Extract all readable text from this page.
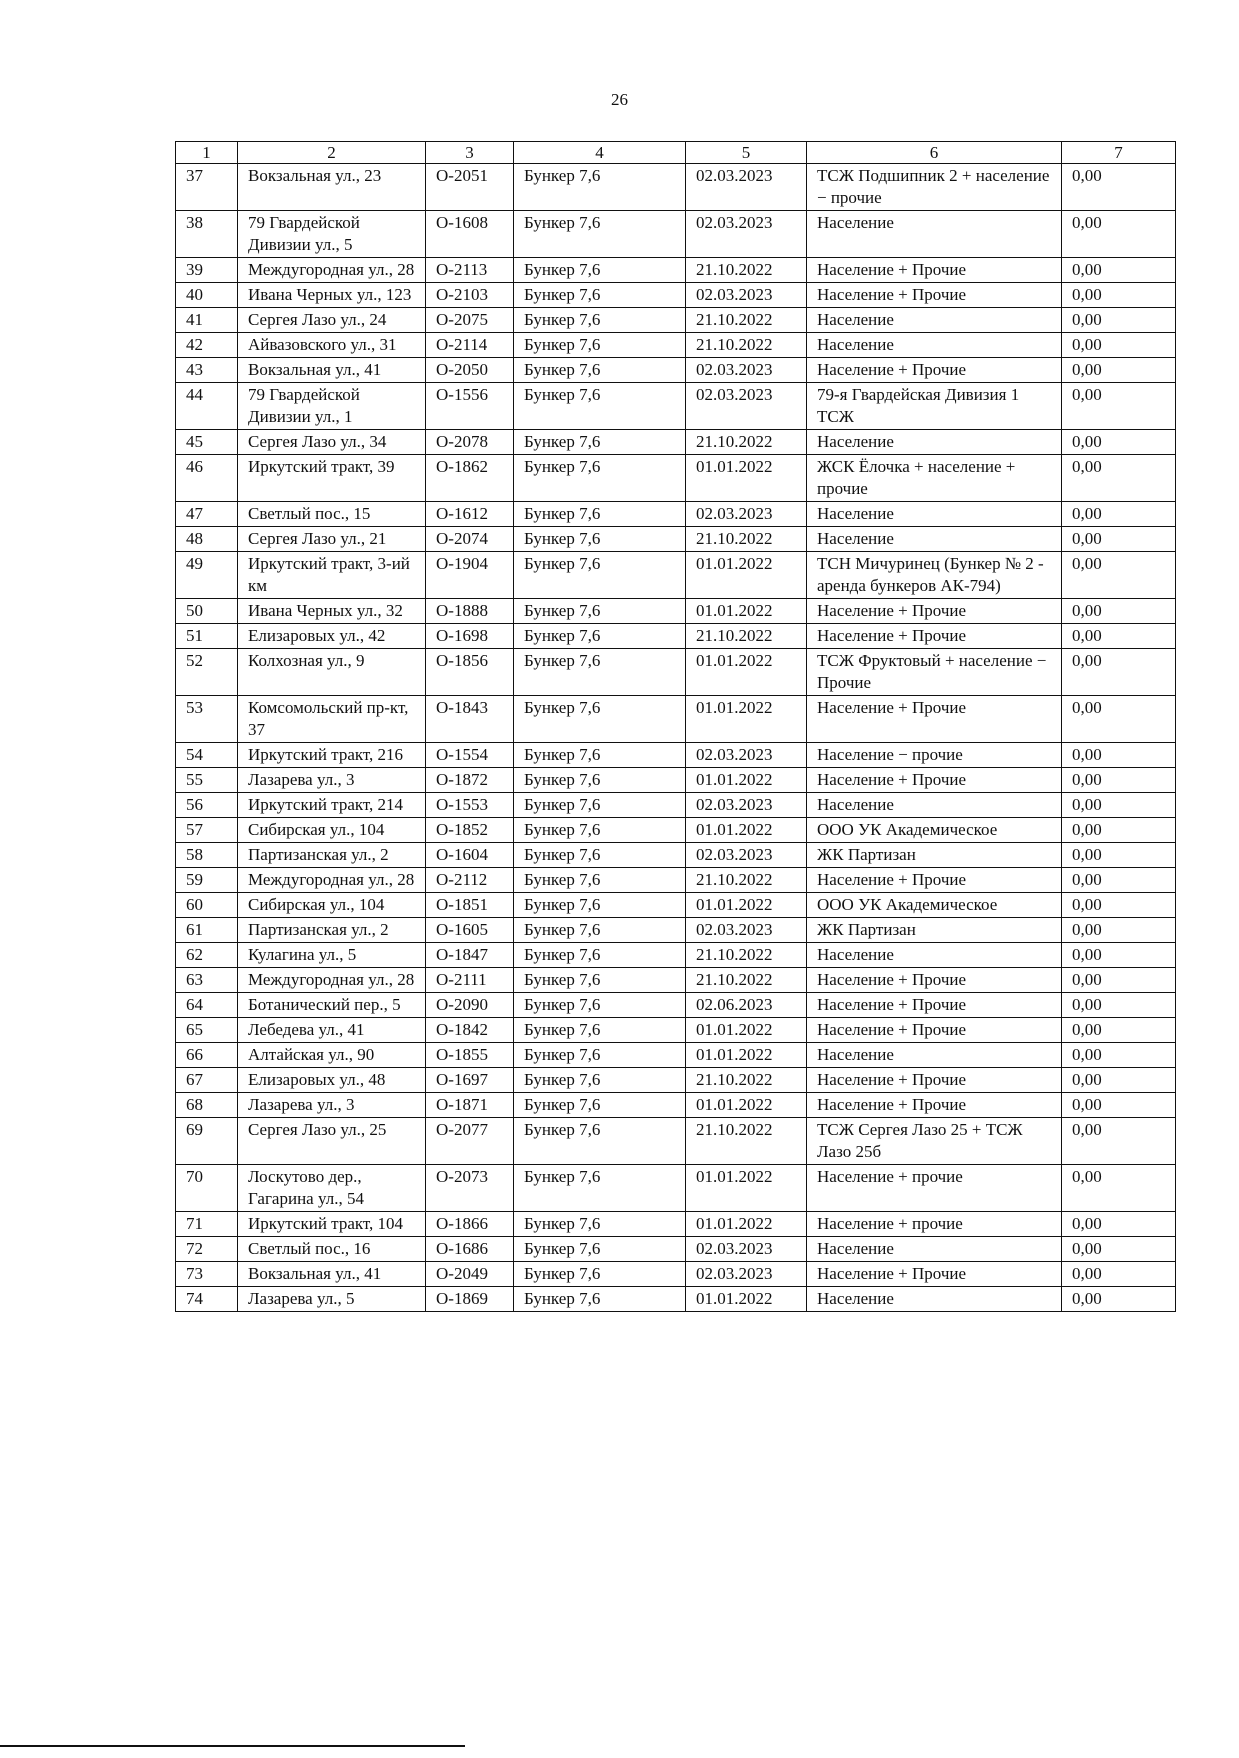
26
1	2	3	4	5	6	7
37	Вокзальная ул., 23	О-2051	Бункер 7,6	02.03.2023	ТСЖ Подшипник 2 + население − прочие	0,00
38	79 Гвардейской Дивизии ул., 5	О-1608	Бункер 7,6	02.03.2023	Население	0,00
39	Междугородная ул., 28	О-2113	Бункер 7,6	21.10.2022	Население + Прочие	0,00
40	Ивана Черных ул., 123	О-2103	Бункер 7,6	02.03.2023	Население + Прочие	0,00
41	Сергея Лазо ул., 24	О-2075	Бункер 7,6	21.10.2022	Население	0,00
42	Айвазовского ул., 31	О-2114	Бункер 7,6	21.10.2022	Население	0,00
43	Вокзальная ул., 41	О-2050	Бункер 7,6	02.03.2023	Население + Прочие	0,00
44	79 Гвардейской Дивизии ул., 1	О-1556	Бункер 7,6	02.03.2023	79-я Гвардейская Дивизия 1 ТСЖ	0,00
45	Сергея Лазо ул., 34	О-2078	Бункер 7,6	21.10.2022	Население	0,00
46	Иркутский тракт, 39	О-1862	Бункер 7,6	01.01.2022	ЖСК Ёлочка + население + прочие	0,00
47	Светлый пос., 15	О-1612	Бункер 7,6	02.03.2023	Население	0,00
48	Сергея Лазо ул., 21	О-2074	Бункер 7,6	21.10.2022	Население	0,00
49	Иркутский тракт, 3-ий км	О-1904	Бункер 7,6	01.01.2022	ТСН Мичуринец (Бункер № 2 - аренда бункеров АК-794)	0,00
50	Ивана Черных ул., 32	О-1888	Бункер 7,6	01.01.2022	Население + Прочие	0,00
51	Елизаровых ул., 42	О-1698	Бункер 7,6	21.10.2022	Население + Прочие	0,00
52	Колхозная ул., 9	О-1856	Бункер 7,6	01.01.2022	ТСЖ Фруктовый + население − Прочие	0,00
53	Комсомольский пр-кт, 37	О-1843	Бункер 7,6	01.01.2022	Население + Прочие	0,00
54	Иркутский тракт, 216	О-1554	Бункер 7,6	02.03.2023	Население − прочие	0,00
55	Лазарева ул., 3	О-1872	Бункер 7,6	01.01.2022	Население + Прочие	0,00
56	Иркутский тракт, 214	О-1553	Бункер 7,6	02.03.2023	Население	0,00
57	Сибирская ул., 104	О-1852	Бункер 7,6	01.01.2022	ООО УК Академическое	0,00
58	Партизанская ул., 2	О-1604	Бункер 7,6	02.03.2023	ЖК Партизан	0,00
59	Междугородная ул., 28	О-2112	Бункер 7,6	21.10.2022	Население + Прочие	0,00
60	Сибирская ул., 104	О-1851	Бункер 7,6	01.01.2022	ООО УК Академическое	0,00
61	Партизанская ул., 2	О-1605	Бункер 7,6	02.03.2023	ЖК Партизан	0,00
62	Кулагина ул., 5	О-1847	Бункер 7,6	21.10.2022	Население	0,00
63	Междугородная ул., 28	О-2111	Бункер 7,6	21.10.2022	Население + Прочие	0,00
64	Ботанический пер., 5	О-2090	Бункер 7,6	02.06.2023	Население + Прочие	0,00
65	Лебедева ул., 41	О-1842	Бункер 7,6	01.01.2022	Население + Прочие	0,00
66	Алтайская ул., 90	О-1855	Бункер 7,6	01.01.2022	Население	0,00
67	Елизаровых ул., 48	О-1697	Бункер 7,6	21.10.2022	Население + Прочие	0,00
68	Лазарева ул., 3	О-1871	Бункер 7,6	01.01.2022	Население + Прочие	0,00
69	Сергея Лазо ул., 25	О-2077	Бункер 7,6	21.10.2022	ТСЖ Сергея Лазо 25 + ТСЖ Лазо 25б	0,00
70	Лоскутово дер., Гагарина ул., 54	О-2073	Бункер 7,6	01.01.2022	Население + прочие	0,00
71	Иркутский тракт, 104	О-1866	Бункер 7,6	01.01.2022	Население + прочие	0,00
72	Светлый пос., 16	О-1686	Бункер 7,6	02.03.2023	Население	0,00
73	Вокзальная ул., 41	О-2049	Бункер 7,6	02.03.2023	Население + Прочие	0,00
74	Лазарева ул., 5	О-1869	Бункер 7,6	01.01.2022	Население	0,00
